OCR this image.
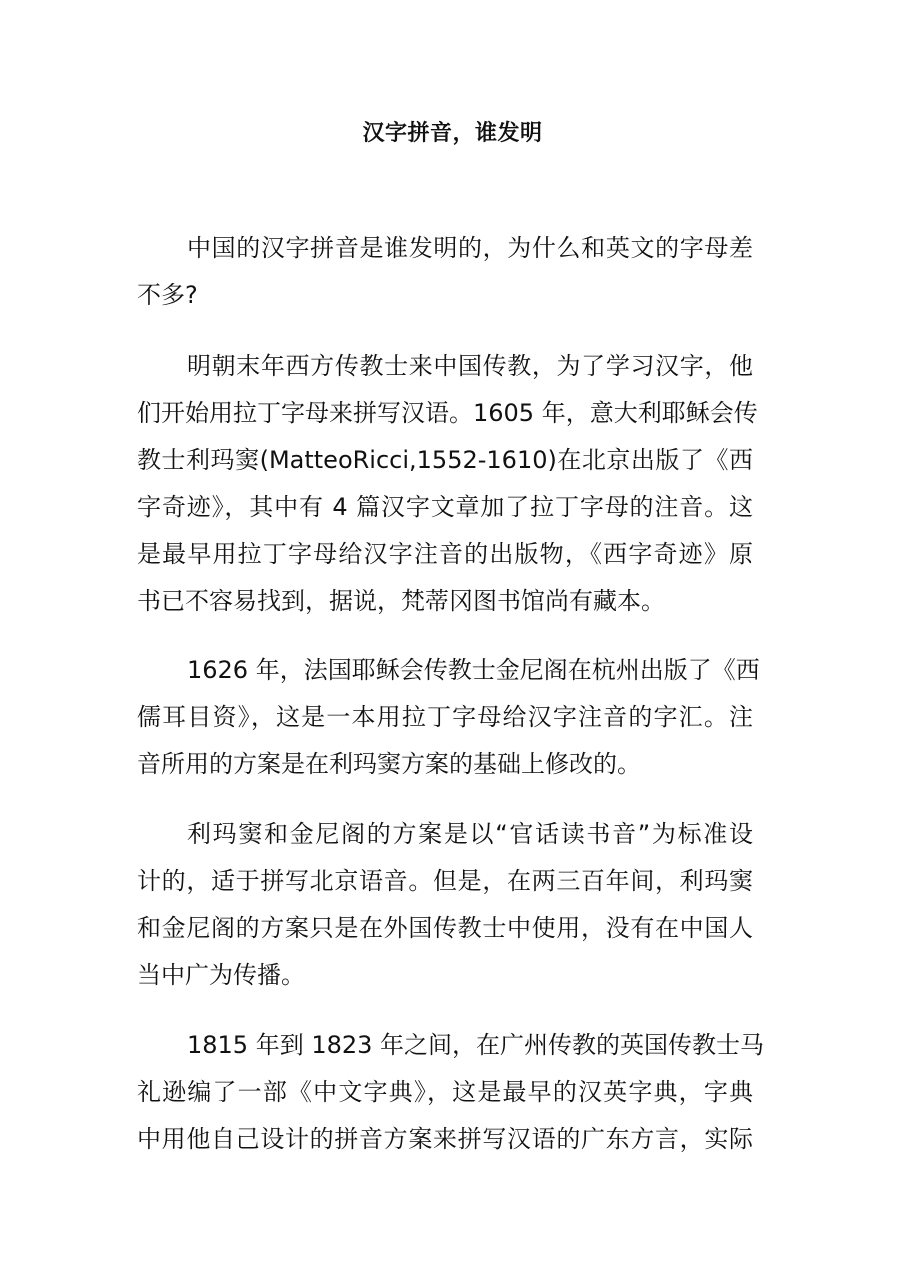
汉字拼音，谁发明
中国的汉字拼音是谁发明的，为什么和英文的字母差
不多?
明朝末年西方传教士来中国传教，为了学习汉字，他
们开始用拉丁字母来拼写汉语。1605 年，意大利耶稣会传
教士利玛窦(MatteoRicci,1552-1610)在北京出版了《西
字奇迹》，其中有 4 篇汉字文章加了拉丁字母的注音。这
是最早用拉丁字母给汉字注音的出版物，《西字奇迹》原
书已不容易找到，据说，梵蒂冈图书馆尚有藏本。
1626 年，法国耶稣会传教士金尼阁在杭州出版了《西
儒耳目资》，这是一本用拉丁字母给汉字注音的字汇。注
音所用的方案是在利玛窦方案的基础上修改的。
利玛窦和金尼阁的方案是以“官话读书音”为标准设
计的，适于拼写北京语音。但是，在两三百年间，利玛窦
和金尼阁的方案只是在外国传教士中使用，没有在中国人
当中广为传播。
1815 年到 1823 年之间，在广州传教的英国传教士马
礼逊编了一部《中文字典》，这是最早的汉英字典，字典
中用他自己设计的拼音方案来拼写汉语的广东方言，实际
